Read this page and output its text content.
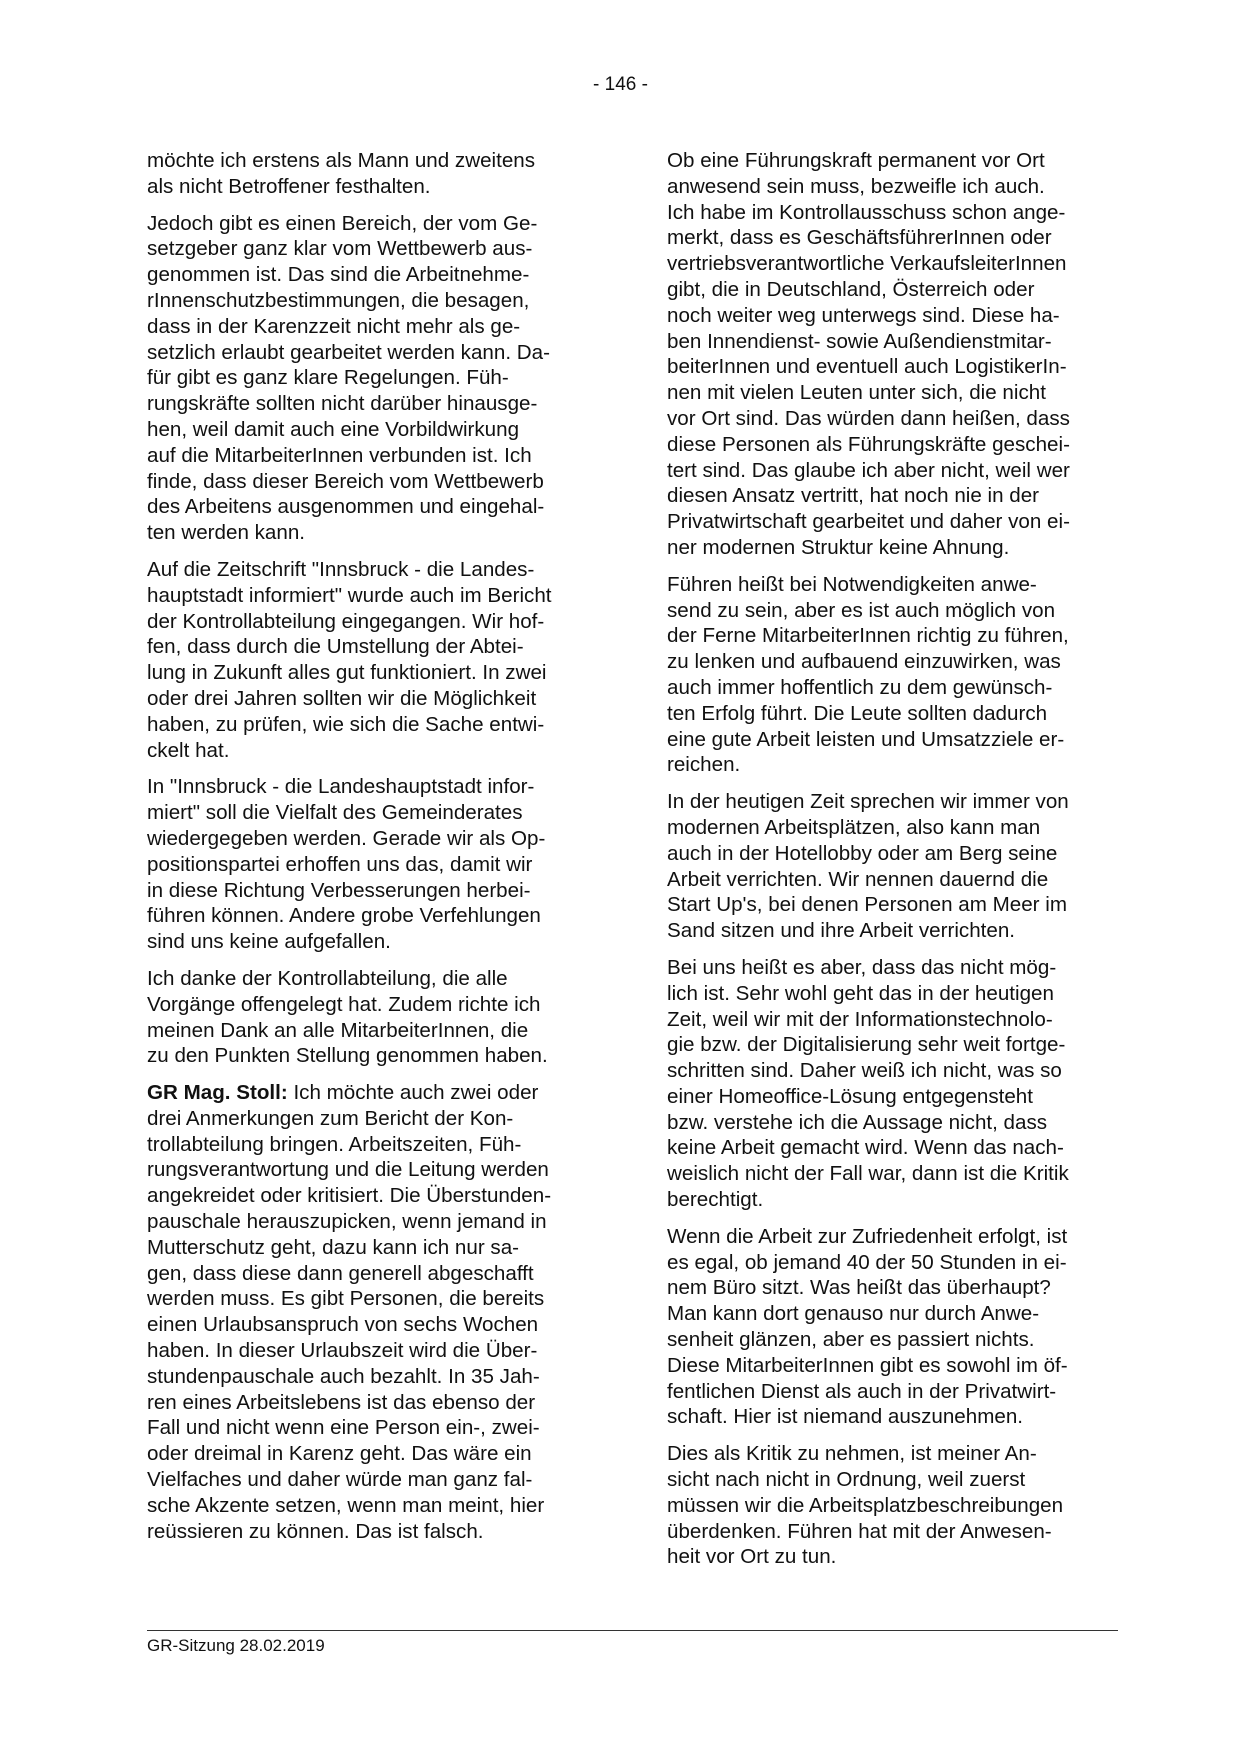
- 146 -

möchte ich erstens als Mann und zweitens
als nicht Betroffener festhalten.

Jedoch gibt es einen Bereich, der vom Ge-
setzgeber ganz klar vom Wettbewerb aus-
genommen ist. Das sind die Arbeitnehme-
rInnenschutzbestimmungen, die besagen,
dass in der Karenzzeit nicht mehr als ge-
setzlich erlaubt gearbeitet werden kann. Da-
für gibt es ganz klare Regelungen. Füh-
rungskräfte sollten nicht darüber hinausge-
hen, weil damit auch eine Vorbildwirkung
auf die MitarbeiterInnen verbunden ist. Ich
finde, dass dieser Bereich vom Wettbewerb
des Arbeitens ausgenommen und eingehal-
ten werden kann.

Auf die Zeitschrift "Innsbruck - die Landes-
hauptstadt informiert" wurde auch im Bericht
der Kontrollabteilung eingegangen. Wir hof-
fen, dass durch die Umstellung der Abtei-
lung in Zukunft alles gut funktioniert. In zwei
oder drei Jahren sollten wir die Möglichkeit
haben, zu prüfen, wie sich die Sache entwi-
ckelt hat.

In "Innsbruck - die Landeshauptstadt infor-
miert" soll die Vielfalt des Gemeinderates
wiedergegeben werden. Gerade wir als Op-
positionspartei erhoffen uns das, damit wir
in diese Richtung Verbesserungen herbei-
führen können. Andere grobe Verfehlungen
sind uns keine aufgefallen.

Ich danke der Kontrollabteilung, die alle
Vorgänge offengelegt hat. Zudem richte ich
meinen Dank an alle MitarbeiterInnen, die
zu den Punkten Stellung genommen haben.

GR Mag. Stoll: Ich möchte auch zwei oder
drei Anmerkungen zum Bericht der Kon-
trollabteilung bringen. Arbeitszeiten, Füh-
rungsverantwortung und die Leitung werden
angekreidet oder kritisiert. Die Überstunden-
pauschale herauszupicken, wenn jemand in
Mutterschutz geht, dazu kann ich nur sa-
gen, dass diese dann generell abgeschafft
werden muss. Es gibt Personen, die bereits
einen Urlaubsanspruch von sechs Wochen
haben. In dieser Urlaubszeit wird die Über-
stundenpauschale auch bezahlt. In 35 Jah-
ren eines Arbeitslebens ist das ebenso der
Fall und nicht wenn eine Person ein-, zwei-
oder dreimal in Karenz geht. Das wäre ein
Vielfaches und daher würde man ganz fal-
sche Akzente setzen, wenn man meint, hier
reüssieren zu können. Das ist falsch.

Ob eine Führungskraft permanent vor Ort
anwesend sein muss, bezweifle ich auch.
Ich habe im Kontrollausschuss schon ange-
merkt, dass es GeschäftsführerInnen oder
vertriebsverantwortliche VerkaufsleiterInnen
gibt, die in Deutschland, Österreich oder
noch weiter weg unterwegs sind. Diese ha-
ben Innendienst- sowie Außendienstmitar-
beiterInnen und eventuell auch LogistikerIn-
nen mit vielen Leuten unter sich, die nicht
vor Ort sind. Das würden dann heißen, dass
diese Personen als Führungskräfte geschei-
tert sind. Das glaube ich aber nicht, weil wer
diesen Ansatz vertritt, hat noch nie in der
Privatwirtschaft gearbeitet und daher von ei-
ner modernen Struktur keine Ahnung.

Führen heißt bei Notwendigkeiten anwe-
send zu sein, aber es ist auch möglich von
der Ferne MitarbeiterInnen richtig zu führen,
zu lenken und aufbauend einzuwirken, was
auch immer hoffentlich zu dem gewünsch-
ten Erfolg führt. Die Leute sollten dadurch
eine gute Arbeit leisten und Umsatzziele er-
reichen.

In der heutigen Zeit sprechen wir immer von
modernen Arbeitsplätzen, also kann man
auch in der Hotellobby oder am Berg seine
Arbeit verrichten. Wir nennen dauernd die
Start Up's, bei denen Personen am Meer im
Sand sitzen und ihre Arbeit verrichten.

Bei uns heißt es aber, dass das nicht mög-
lich ist. Sehr wohl geht das in der heutigen
Zeit, weil wir mit der Informationstechnolo-
gie bzw. der Digitalisierung sehr weit fortge-
schritten sind. Daher weiß ich nicht, was so
einer Homeoffice-Lösung entgegensteht
bzw. verstehe ich die Aussage nicht, dass
keine Arbeit gemacht wird. Wenn das nach-
weislich nicht der Fall war, dann ist die Kritik
berechtigt.

Wenn die Arbeit zur Zufriedenheit erfolgt, ist
es egal, ob jemand 40 der 50 Stunden in ei-
nem Büro sitzt. Was heißt das überhaupt?
Man kann dort genauso nur durch Anwe-
senheit glänzen, aber es passiert nichts.
Diese MitarbeiterInnen gibt es sowohl im öf-
fentlichen Dienst als auch in der Privatwirt-
schaft. Hier ist niemand auszunehmen.

Dies als Kritik zu nehmen, ist meiner An-
sicht nach nicht in Ordnung, weil zuerst
müssen wir die Arbeitsplatzbeschreibungen
überdenken. Führen hat mit der Anwesen-
heit vor Ort zu tun.

GR-Sitzung 28.02.2019
